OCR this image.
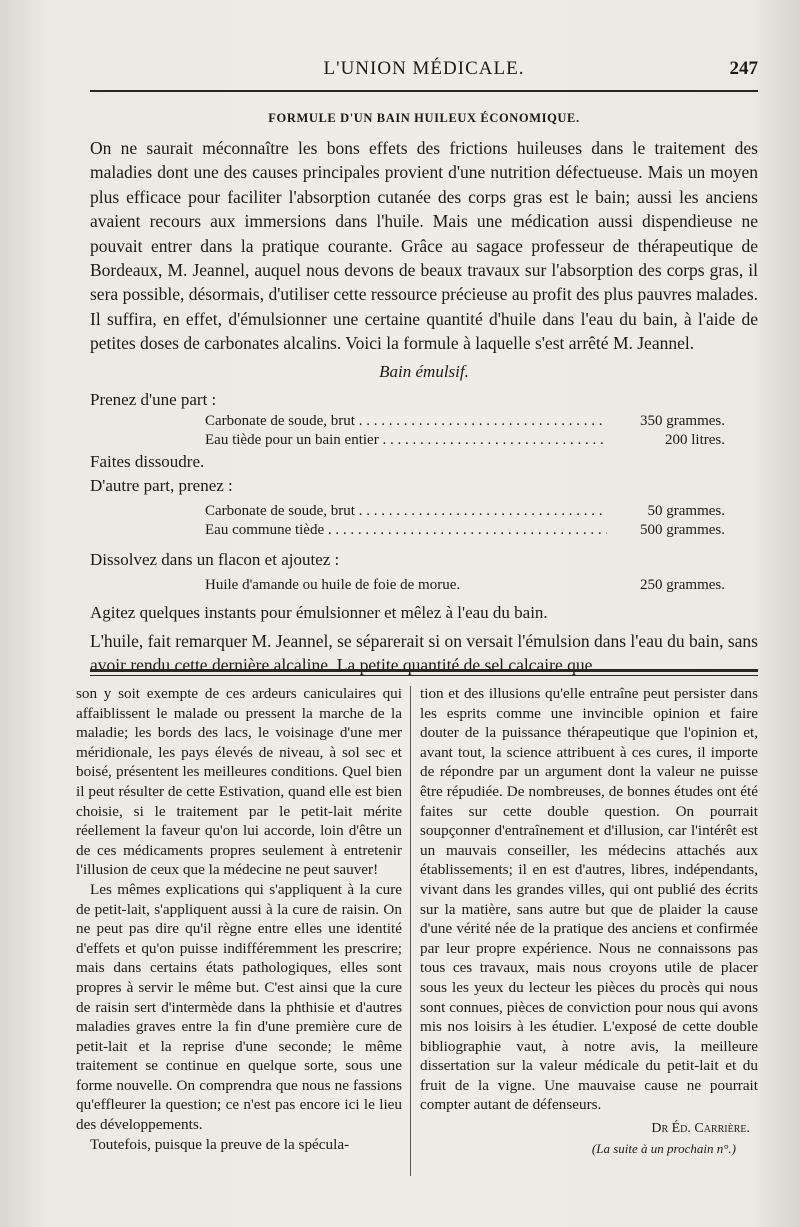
L'UNION MÉDICALE.	247
FORMULE D'UN BAIN HUILEUX ÉCONOMIQUE.

On ne saurait méconnaître les bons effets des frictions huileuses dans le traitement des maladies dont une des causes principales provient d'une nutrition défectueuse. Mais un moyen plus efficace pour faciliter l'absorption cutanée des corps gras est le bain; aussi les anciens avaient recours aux immersions dans l'huile. Mais une médication aussi dispendieuse ne pouvait entrer dans la pratique courante. Grâce au sagace professeur de thérapeutique de Bordeaux, M. Jeannel, auquel nous devons de beaux travaux sur l'absorption des corps gras, il sera possible, désormais, d'utiliser cette ressource précieuse au profit des plus pauvres malades. Il suffira, en effet, d'émulsionner une certaine quantité d'huile dans l'eau du bain, à l'aide de petites doses de carbonates alcalins. Voici la formule à laquelle s'est arrêté M. Jeannel.

Bain émulsif.
Prenez d'une part :
Carbonate de soude, brut . . .	350 grammes.
Eau tiède pour un bain entier . . .	200 litres.
Faites dissoudre.
D'autre part, prenez :
Carbonate de soude, brut . . .	50 grammes.
Eau commune tiède . . .	500 grammes.
Dissolvez dans un flacon et ajoutez :
Huile d'amande ou huile de foie de morue.	250 grammes.
Agitez quelques instants pour émulsionner et mêlez à l'eau du bain.

L'huile, fait remarquer M. Jeannel, se séparerait si on versait l'émulsion dans l'eau du bain, sans avoir rendu cette dernière alcaline. La petite quantité de sel calcaire que

son y soit exempte de ces ardeurs caniculaires qui affaiblissent le malade ou pressent la marche de la maladie; les bords des lacs, le voisinage d'une mer méridionale, les pays élevés de niveau, à sol sec et boisé, présentent les meilleures conditions. Quel bien il peut résulter de cette Estivation, quand elle est bien choisie, si le traitement par le petit-lait mérite réellement la faveur qu'on lui accorde, loin d'être un de ces médicaments propres seulement à entretenir l'illusion de ceux que la médecine ne peut sauver!

Les mêmes explications qui s'appliquent à la cure de petit-lait, s'appliquent aussi à la cure de raisin. On ne peut pas dire qu'il règne entre elles une identité d'effets et qu'on puisse indifféremment les prescrire; mais dans certains états pathologiques, elles sont propres à servir le même but. C'est ainsi que la cure de raisin sert d'intermède dans la phthisie et d'autres maladies graves entre la fin d'une première cure de petit-lait et la reprise d'une seconde; le même traitement se continue en quelque sorte, sous une forme nouvelle. On comprendra que nous ne fassions qu'effleurer la question; ce n'est pas encore ici le lieu des développements.

Toutefois, puisque la preuve de la spécula-

tion et des illusions qu'elle entraîne peut persister dans les esprits comme une invincible opinion et faire douter de la puissance thérapeutique que l'opinion et, avant tout, la science attribuent à ces cures, il importe de répondre par un argument dont la valeur ne puisse être répudiée. De nombreuses, de bonnes études ont été faites sur cette double question. On pourrait soupçonner d'entraînement et d'illusion, car l'intérêt est un mauvais conseiller, les médecins attachés aux établissements; il en est d'autres, libres, indépendants, vivant dans les grandes villes, qui ont publié des écrits sur la matière, sans autre but que de plaider la cause d'une vérité née de la pratique des anciens et confirmée par leur propre expérience. Nous ne connaissons pas tous ces travaux, mais nous croyons utile de placer sous les yeux du lecteur les pièces du procès qui nous sont connues, pièces de conviction pour nous qui avons mis nos loisirs à les étudier. L'exposé de cette double bibliographie vaut, à notre avis, la meilleure dissertation sur la valeur médicale du petit-lait et du fruit de la vigne. Une mauvaise cause ne pourrait compter autant de défenseurs.

Dr Éd. Carrière.
(La suite à un prochain n°.)
